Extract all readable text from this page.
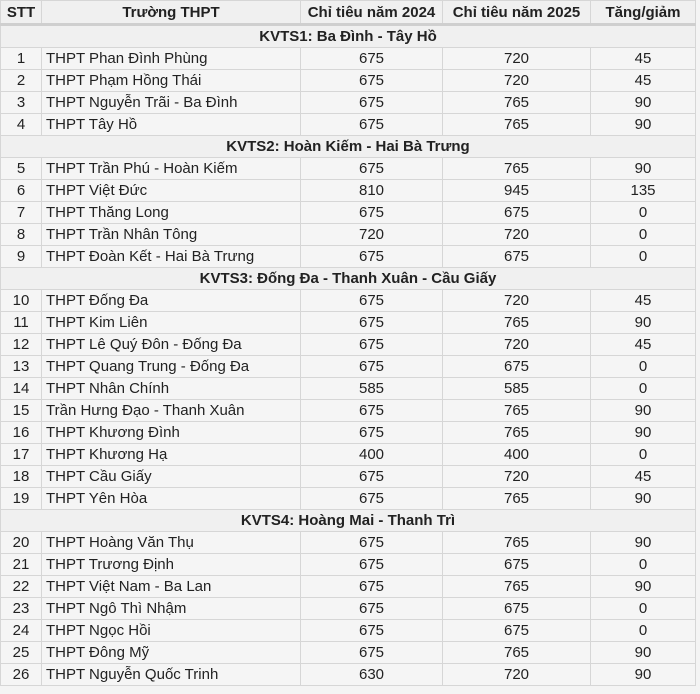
STT	Trường THPT	Chỉ tiêu năm 2024	Chỉ tiêu năm 2025	Tăng/giảm
KVTS1: Ba Đình - Tây Hồ				
1	THPT Phan Đình Phùng	675	720	45
2	THPT Phạm Hồng Thái	675	720	45
3	THPT Nguyễn Trãi - Ba Đình	675	765	90
4	THPT Tây Hồ	675	765	90
KVTS2: Hoàn Kiếm - Hai Bà Trưng				
5	THPT Trần Phú - Hoàn Kiếm	675	765	90
6	THPT Việt Đức	810	945	135
7	THPT Thăng Long	675	675	0
8	THPT Trần Nhân Tông	720	720	0
9	THPT Đoàn Kết - Hai Bà Trưng	675	675	0
KVTS3: Đống Đa - Thanh Xuân - Cầu Giấy				
10	THPT Đống Đa	675	720	45
11	THPT Kim Liên	675	765	90
12	THPT Lê Quý Đôn - Đống Đa	675	720	45
13	THPT Quang Trung - Đống Đa	675	675	0
14	THPT Nhân Chính	585	585	0
15	Trần Hưng Đạo - Thanh Xuân	675	765	90
16	THPT Khương Đình	675	765	90
17	THPT Khương Hạ	400	400	0
18	THPT Cầu Giấy	675	720	45
19	THPT Yên Hòa	675	765	90
KVTS4: Hoàng Mai - Thanh Trì				
20	THPT Hoàng Văn Thụ	675	765	90
21	THPT Trương Định	675	675	0
22	THPT Việt Nam - Ba Lan	675	765	90
23	THPT Ngô Thì Nhậm	675	675	0
24	THPT Ngọc Hồi	675	675	0
25	THPT Đông Mỹ	675	765	90
26	THPT Nguyễn Quốc Trinh	630	720	90
